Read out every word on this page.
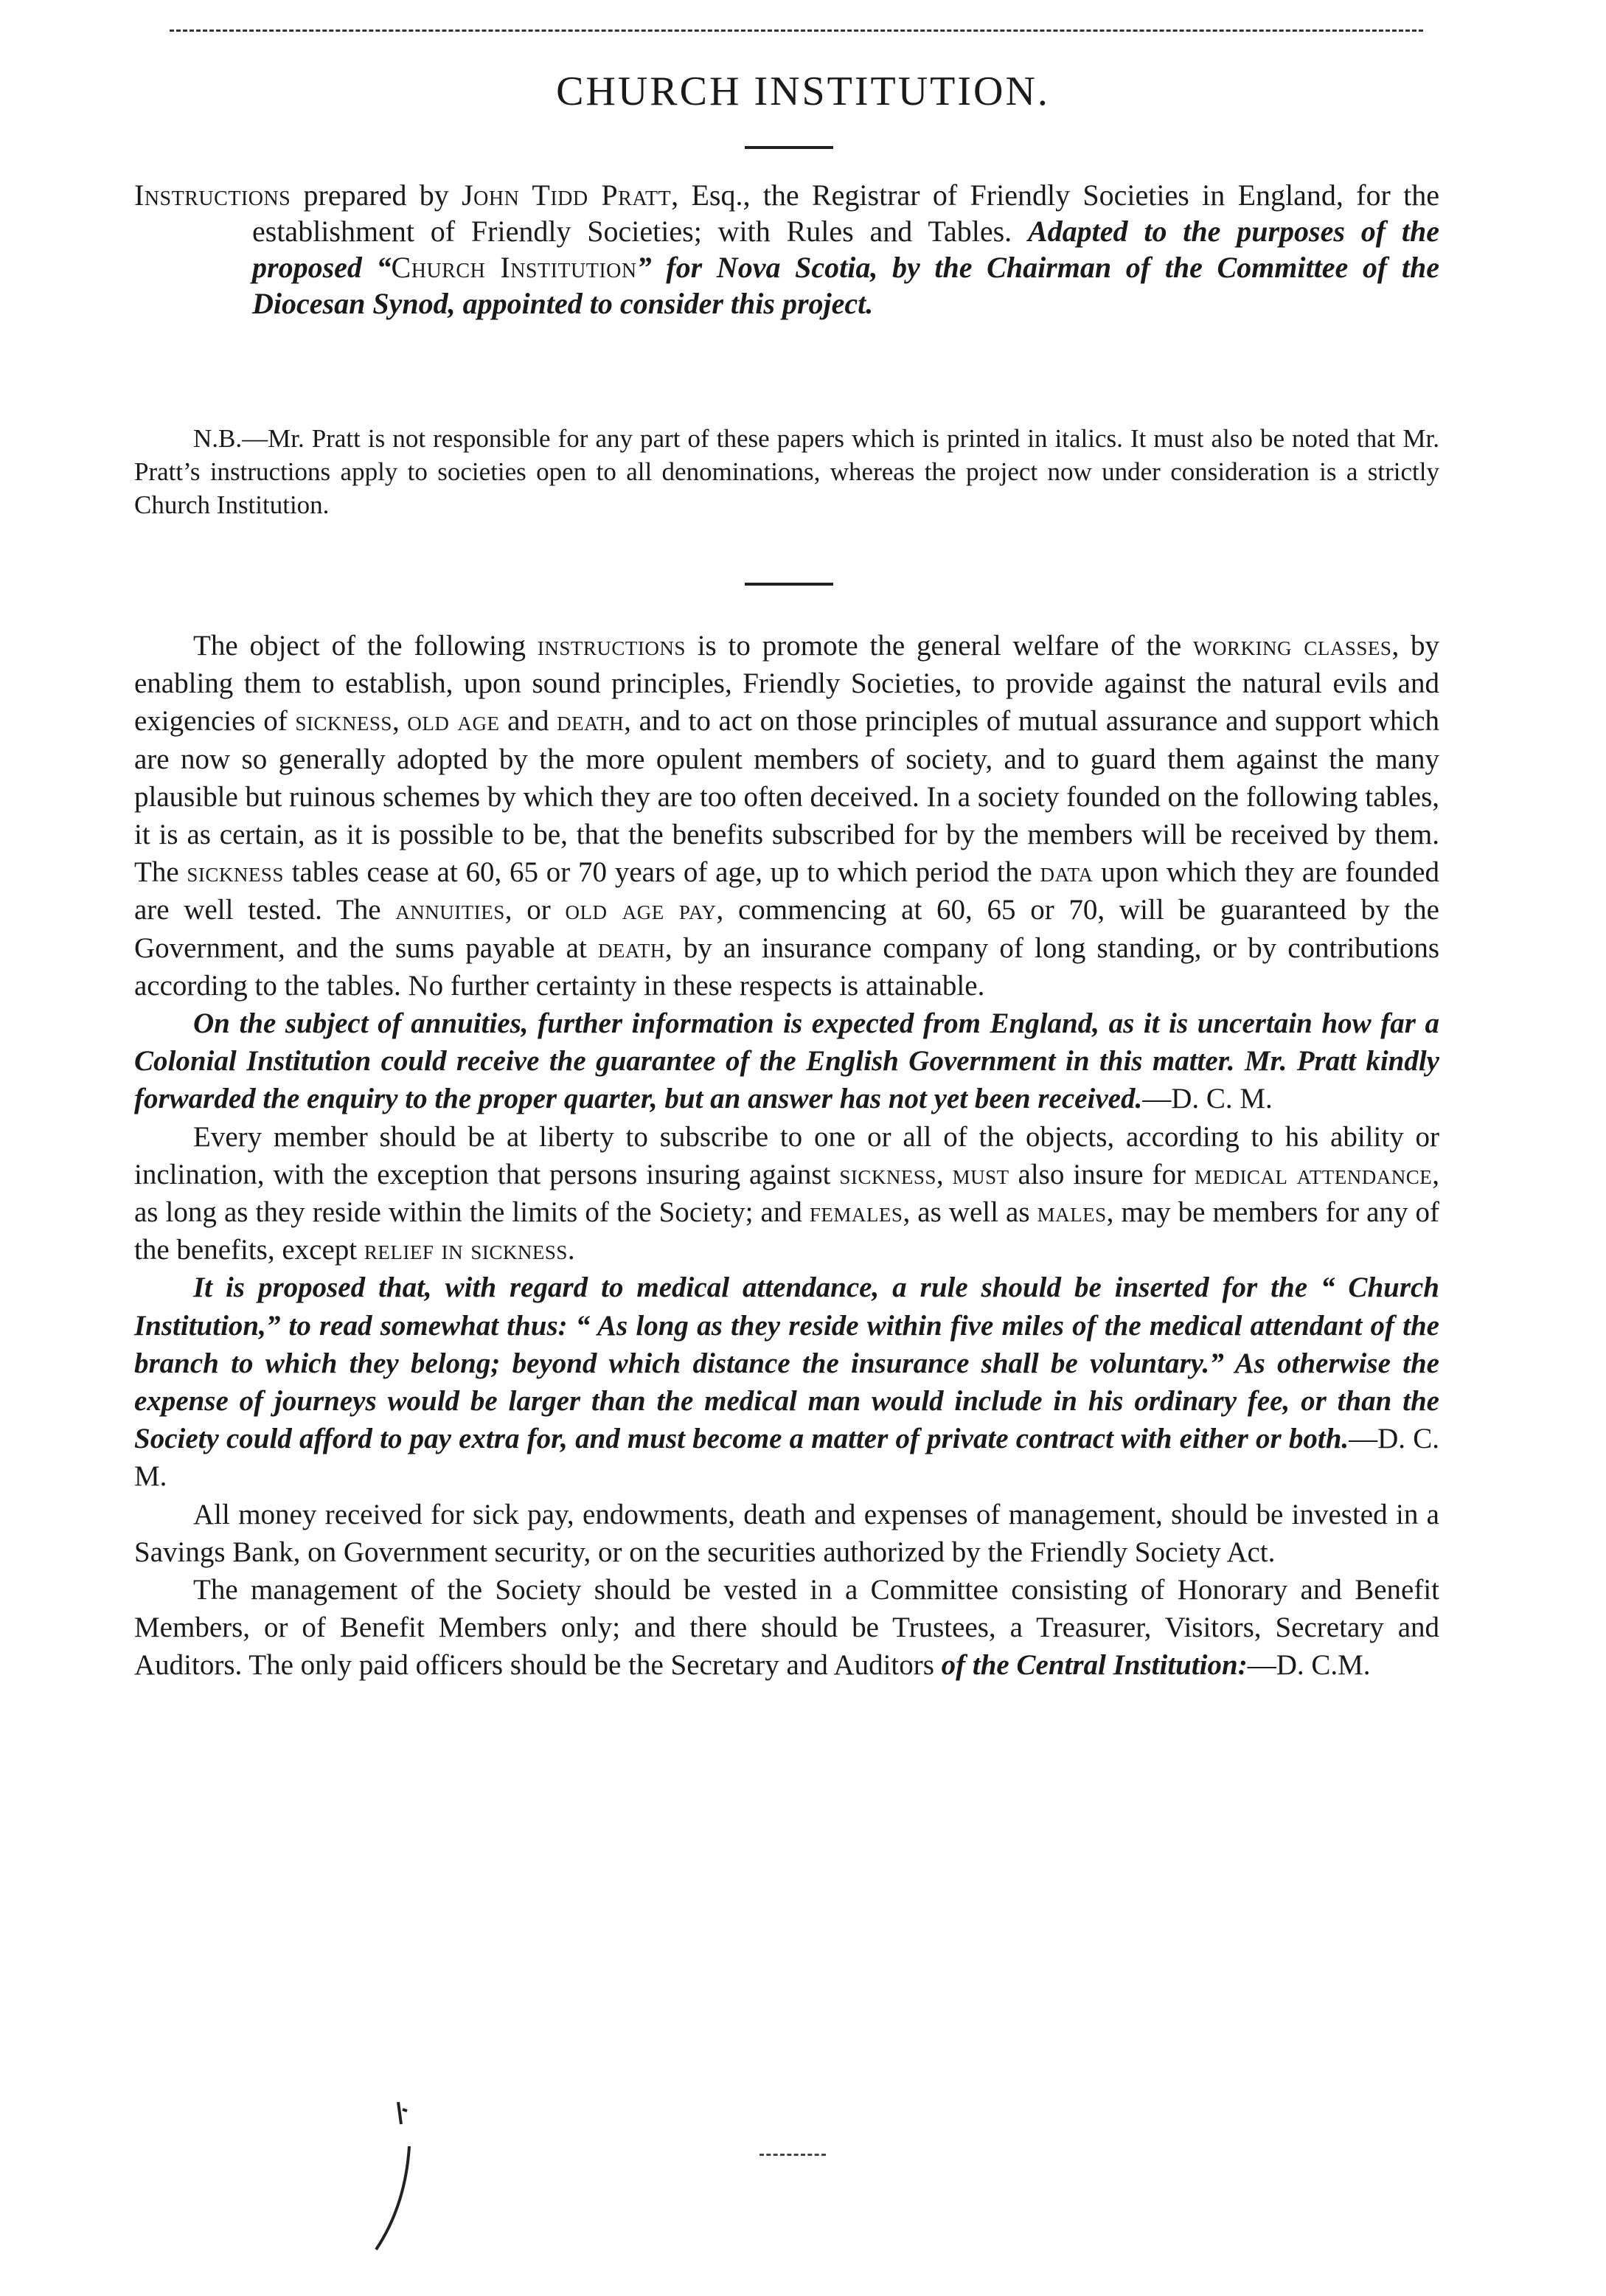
CHURCH INSTITUTION.
Instructions prepared by John Tidd Pratt, Esq., the Registrar of Friendly Societies in England, for the establishment of Friendly Societies; with Rules and Tables. Adapted to the purposes of the proposed “Church Institution” for Nova Scotia, by the Chairman of the Committee of the Diocesan Synod, appointed to consider this project.
N.B.—Mr. Pratt is not responsible for any part of these papers which is printed in italics. It must also be noted that Mr. Pratt’s instructions apply to societies open to all denominations, whereas the project now under consideration is a strictly Church Institution.

The object of the following instructions is to promote the general welfare of the working classes, by enabling them to establish, upon sound principles, Friendly Societies, to provide against the natural evils and exigencies of sickness, old age and death, and to act on those principles of mutual assurance and support which are now so generally adopted by the more opulent members of society, and to guard them against the many plausible but ruinous schemes by which they are too often deceived. In a society founded on the following tables, it is as certain, as it is possible to be, that the benefits subscribed for by the members will be received by them. The sickness tables cease at 60, 65 or 70 years of age, up to which period the data upon which they are founded are well tested. The annuities, or old age pay, commencing at 60, 65 or 70, will be guaranteed by the Government, and the sums payable at death, by an insurance company of long standing, or by contributions according to the tables. No further certainty in these respects is attainable.

On the subject of annuities, further information is expected from England, as it is uncertain how far a Colonial Institution could receive the guarantee of the English Government in this matter. Mr. Pratt kindly forwarded the enquiry to the proper quarter, but an answer has not yet been received.—D. C. M.

Every member should be at liberty to subscribe to one or all of the objects, according to his ability or inclination, with the exception that persons insuring against sickness, must also insure for medical attendance, as long as they reside within the limits of the Society; and females, as well as males, may be members for any of the benefits, except relief in sickness.

It is proposed that, with regard to medical attendance, a rule should be inserted for the “ Church Institution,” to read somewhat thus: “ As long as they reside within five miles of the medical attendant of the branch to which they belong; beyond which distance the insurance shall be voluntary.” As otherwise the expense of journeys would be larger than the medical man would include in his ordinary fee, or than the Society could afford to pay extra for, and must become a matter of private contract with either or both.—D. C. M.

All money received for sick pay, endowments, death and expenses of management, should be invested in a Savings Bank, on Government security, or on the securities authorized by the Friendly Society Act.

The management of the Society should be vested in a Committee consisting of Honorary and Benefit Members, or of Benefit Members only; and there should be Trustees, a Treasurer, Visitors, Secretary and Auditors. The only paid officers should be the Secretary and Auditors of the Central Institution:—D. C.M.
